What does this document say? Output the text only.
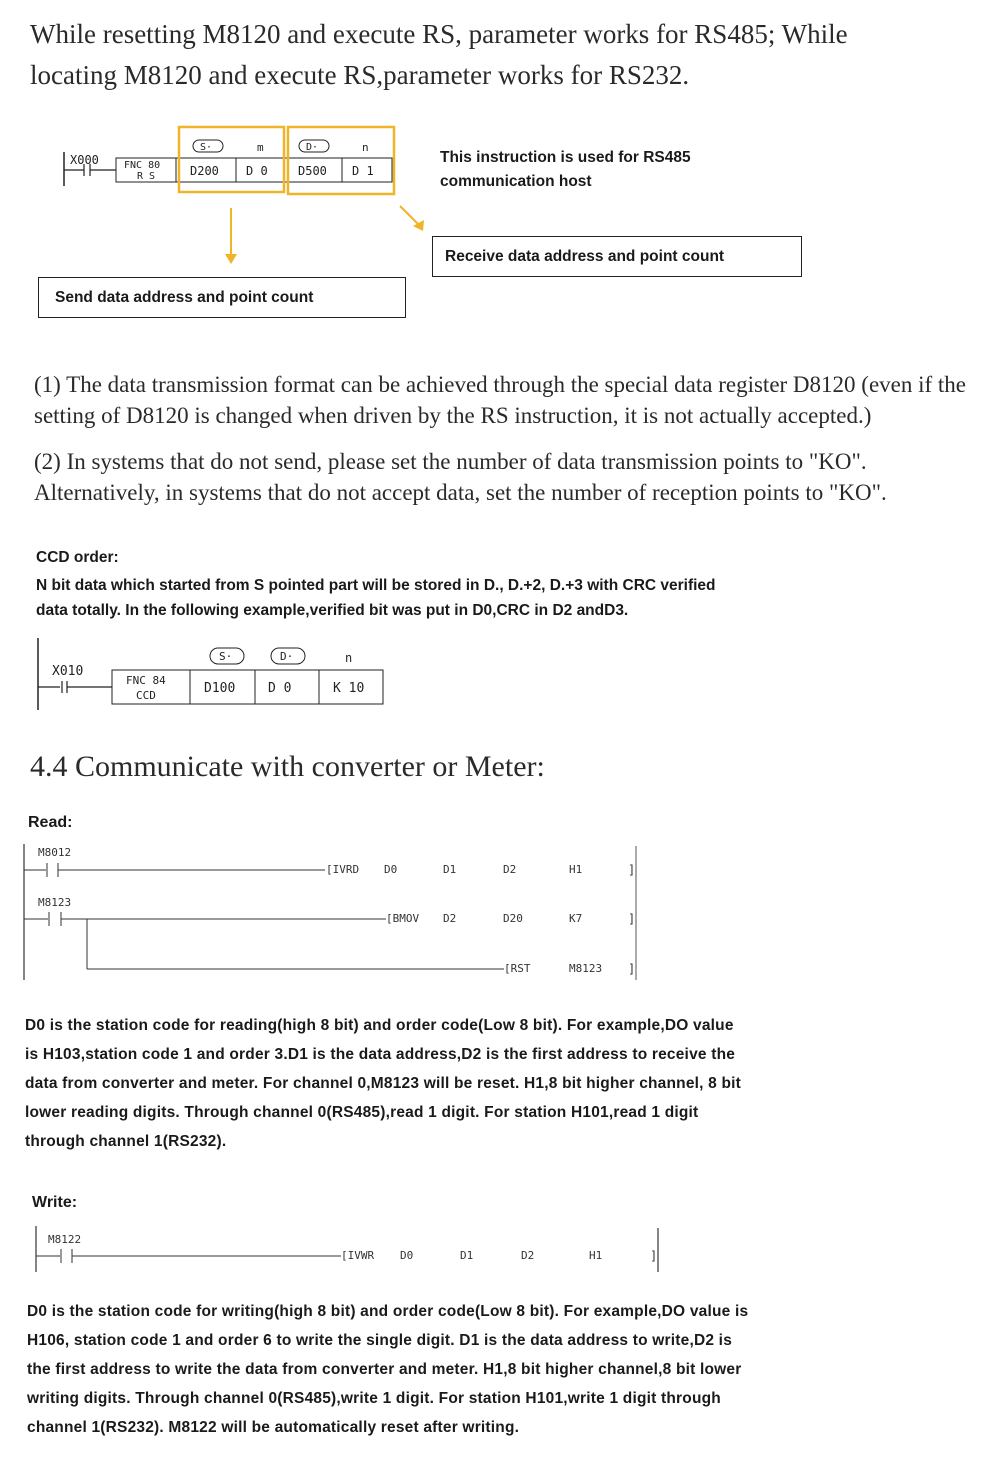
While resetting M8120 and execute RS, parameter works for RS485; While
locating M8120 and execute RS,parameter works for RS232.
X000	FNC 80
R S	D200 D 0	D500 D 1
S·	m	D·	n
This instruction is used for RS485
communication host
Receive data address and point count
Send data address and point count

(1) The data transmission format can be achieved through the special data register D8120 (even if the setting of D8120 is changed when driven by the RS instruction, it is not actually accepted.)

(2) In systems that do not send, please set the number of data transmission points to "KO". Alternatively, in systems that do not accept data, set the number of reception points to "KO".

CCD order:
N bit data which started from S pointed part will be stored in D., D.+2, D.+3 with CRC verified
data totally. In the following example,verified bit was put in D0,CRC in D2 andD3.
X010
FNC 84
CCD	D100	D 0	K 10
S·	D·	n
4.4 Communicate with converter or Meter:
Read:
M8012
[IVRD D0	D1	D2	H1	]
M8123
[BMOV D2	D20	K7	]
[RST	M8123 ]
D0 is the station code for reading(high 8 bit) and order code(Low 8 bit). For example,DO value
is H103,station code 1 and order 3.D1 is the data address,D2 is the first address to receive the
data from converter and meter. For channel 0,M8123 will be reset. H1,8 bit higher channel, 8 bit
lower reading digits. Through channel 0(RS485),read 1 digit. For station H101,read 1 digit
through channel 1(RS232).
Write:
M8122
[IVWR D0	D1	D2	H1	]
D0 is the station code for writing(high 8 bit) and order code(Low 8 bit). For example,DO value is
H106, station code 1 and order 6 to write the single digit. D1 is the data address to write,D2 is
the first address to write the data from converter and meter. H1,8 bit higher channel,8 bit lower
writing digits. Through channel 0(RS485),write 1 digit. For station H101,write 1 digit through
channel 1(RS232). M8122 will be automatically reset after writing.
